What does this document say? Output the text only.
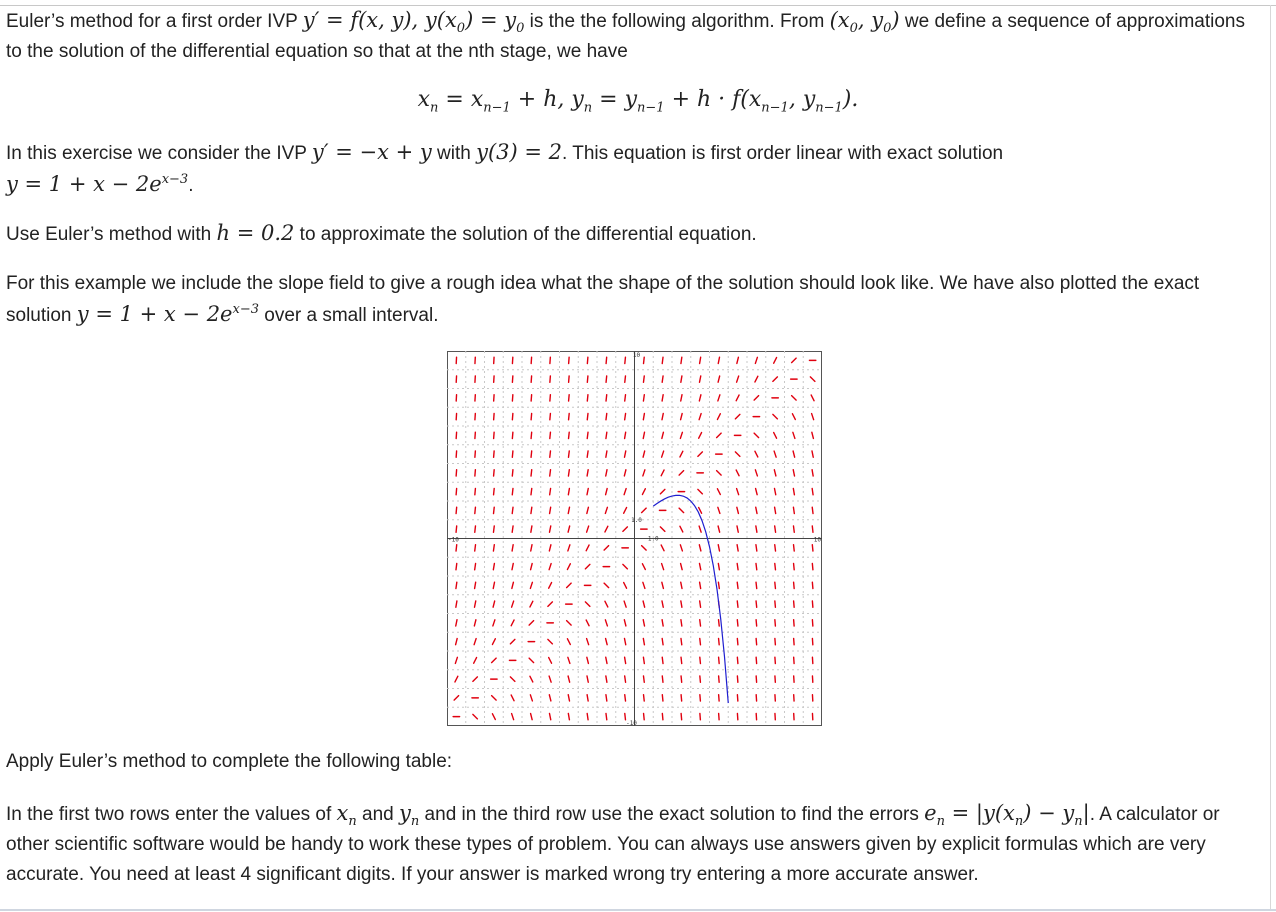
Euler’s method for a first order IVP y′ = f(x, y), $y(x_0) = y_0$ is the the following algorithm. From ($x_0$, $y_0$) we define a sequence of approximations to the solution of the differential equation so that at the nth stage, we have

$x_n = x_{n-1} + h$, $y_n = y_{n-1} + h \cdot f(x_{n-1}$, $y_{n-1}$).

In this exercise we consider the IVP y′ = −x + y with y(3) = 2. This equation is first order linear with exact solution
$y = 1 + x - 2e^{x-3}$.

Use Euler’s method with h = 0.2 to approximate the solution of the differential equation.

For this example we include the slope field to give a rough idea what the shape of the solution should look like. We have also plotted the exact solution $y = 1 + x - 2e^{x-3}$ over a small interval.

-10	10
10
-10
1.0
1.0

Apply Euler’s method to complete the following table:

In the first two rows enter the values of $x_n$ and $y_n$ and in the third row use the exact solution to find the errors $e_n = |y(x_n) - y_n|$. A calculator or other scientific software would be handy to work these types of problem. You can always use answers given by explicit formulas which are very accurate. You need at least 4 significant digits. If your answer is marked wrong try entering a more accurate answer.
